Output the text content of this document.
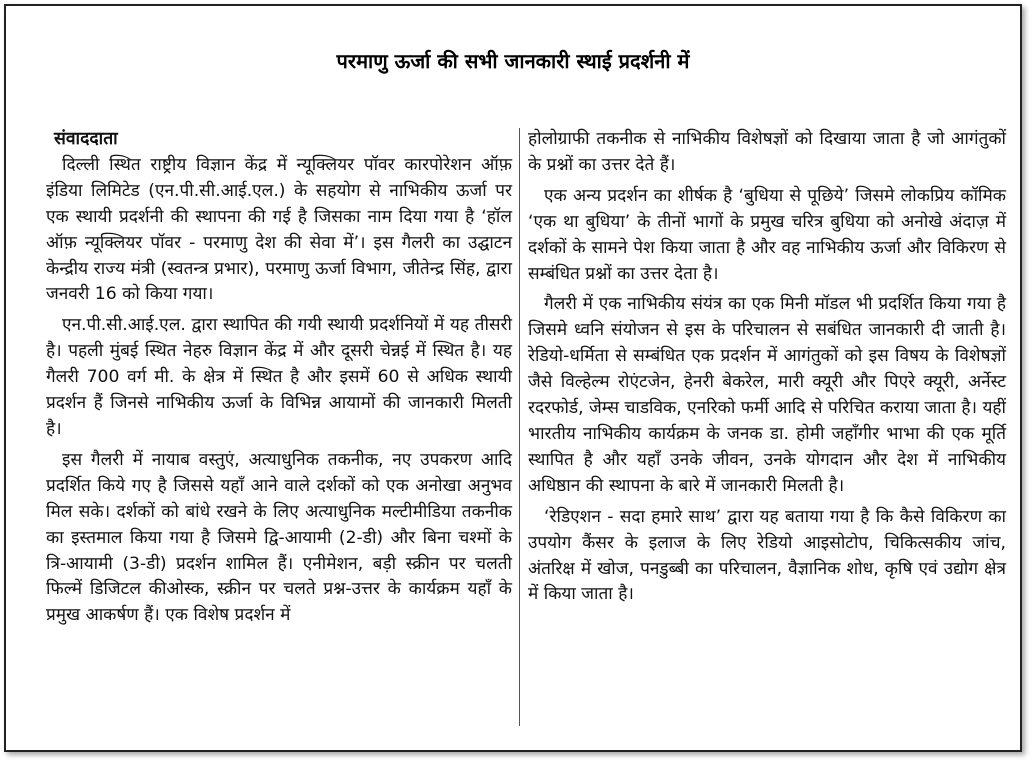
परमाणु ऊर्जा की सभी जानकारी स्थाई प्रदर्शनी में
संवाददाता

दिल्ली स्थित राष्ट्रीय विज्ञान केंद्र में न्यूक्लियर पॉवर कारपोरेशन ऑफ़ इंडिया लिमिटेड (एन.पी.सी.आई.एल.) के सहयोग से नाभिकीय ऊर्जा पर एक स्थायी प्रदर्शनी की स्थापना की गई है जिसका नाम दिया गया है ‘हॉल ऑफ़ न्यूक्लियर पॉवर - परमाणु देश की सेवा में’। इस गैलरी का उद्घाटन केन्द्रीय राज्य मंत्री (स्वतन्त्र प्रभार), परमाणु ऊर्जा विभाग, जीतेन्द्र सिंह, द्वारा जनवरी 16 को किया गया।

एन.पी.सी.आई.एल. द्वारा स्थापित की गयी स्थायी प्रदर्शनियों में यह तीसरी है। पहली मुंबई स्थित नेहरु विज्ञान केंद्र में और दूसरी चेन्नई में स्थित है। यह गैलरी 700 वर्ग मी. के क्षेत्र में स्थित है और इसमें 60 से अधिक स्थायी प्रदर्शन हैं जिनसे नाभिकीय ऊर्जा के विभिन्न आयामों की जानकारी मिलती है।

इस गैलरी में नायाब वस्तुएं, अत्याधुनिक तकनीक, नए उपकरण आदि प्रदर्शित किये गए है जिससे यहाँ आने वाले दर्शकों को एक अनोखा अनुभव मिल सके। दर्शकों को बांधे रखने के लिए अत्याधुनिक मल्टीमीडिया तकनीक का इस्तमाल किया गया है जिसमे द्वि-आयामी (2-डी) और बिना चश्मों के त्रि-आयामी (3-डी) प्रदर्शन शामिल हैं। एनीमेशन, बड़ी स्क्रीन पर चलती फिल्में डिजिटल कीओस्क, स्क्रीन पर चलते प्रश्न-उत्तर के कार्यक्रम यहाँ के प्रमुख आकर्षण हैं। एक विशेष प्रदर्शन में

होलोग्राफी तकनीक से नाभिकीय विशेषज्ञों को दिखाया जाता है जो आगंतुकों के प्रश्नों का उत्तर देते हैं।

एक अन्य प्रदर्शन का शीर्षक है ‘बुधिया से पूछिये’ जिसमे लोकप्रिय कॉमिक ‘एक था बुधिया’ के तीनों भागों के प्रमुख चरित्र बुधिया को अनोखे अंदाज़ में दर्शकों के सामने पेश किया जाता है और वह नाभिकीय ऊर्जा और विकिरण से सम्बंधित प्रश्नों का उत्तर देता है।

गैलरी में एक नाभिकीय संयंत्र का एक मिनी मॉडल भी प्रदर्शित किया गया है जिसमे ध्वनि संयोजन से इस के परिचालन से सबंधित जानकारी दी जाती है। रेडियो-धर्मिता से सम्बंधित एक प्रदर्शन में आगंतुकों को इस विषय के विशेषज्ञों जैसे विल्हेल्म रोएंटजेन, हेनरी बेकरेल, मारी क्यूरी और पिएरे क्यूरी, अर्नेस्ट रदरफोर्ड, जेम्स चाडविक, एनरिको फर्मी आदि से परिचित कराया जाता है। यहीं भारतीय नाभिकीय कार्यक्रम के जनक डा. होमी जहाँगीर भाभा की एक मूर्ति स्थापित है और यहाँ उनके जीवन, उनके योगदान और देश में नाभिकीय अधिष्ठान की स्थापना के बारे में जानकारी मिलती है।

‘रेडिएशन - सदा हमारे साथ’ द्वारा यह बताया गया है कि कैसे विकिरण का उपयोग कैंसर के इलाज के लिए रेडियो आइसोटोप, चिकित्सकीय जांच, अंतरिक्ष में खोज, पनडुब्बी का परिचालन, वैज्ञानिक शोध, कृषि एवं उद्योग क्षेत्र में किया जाता है।
